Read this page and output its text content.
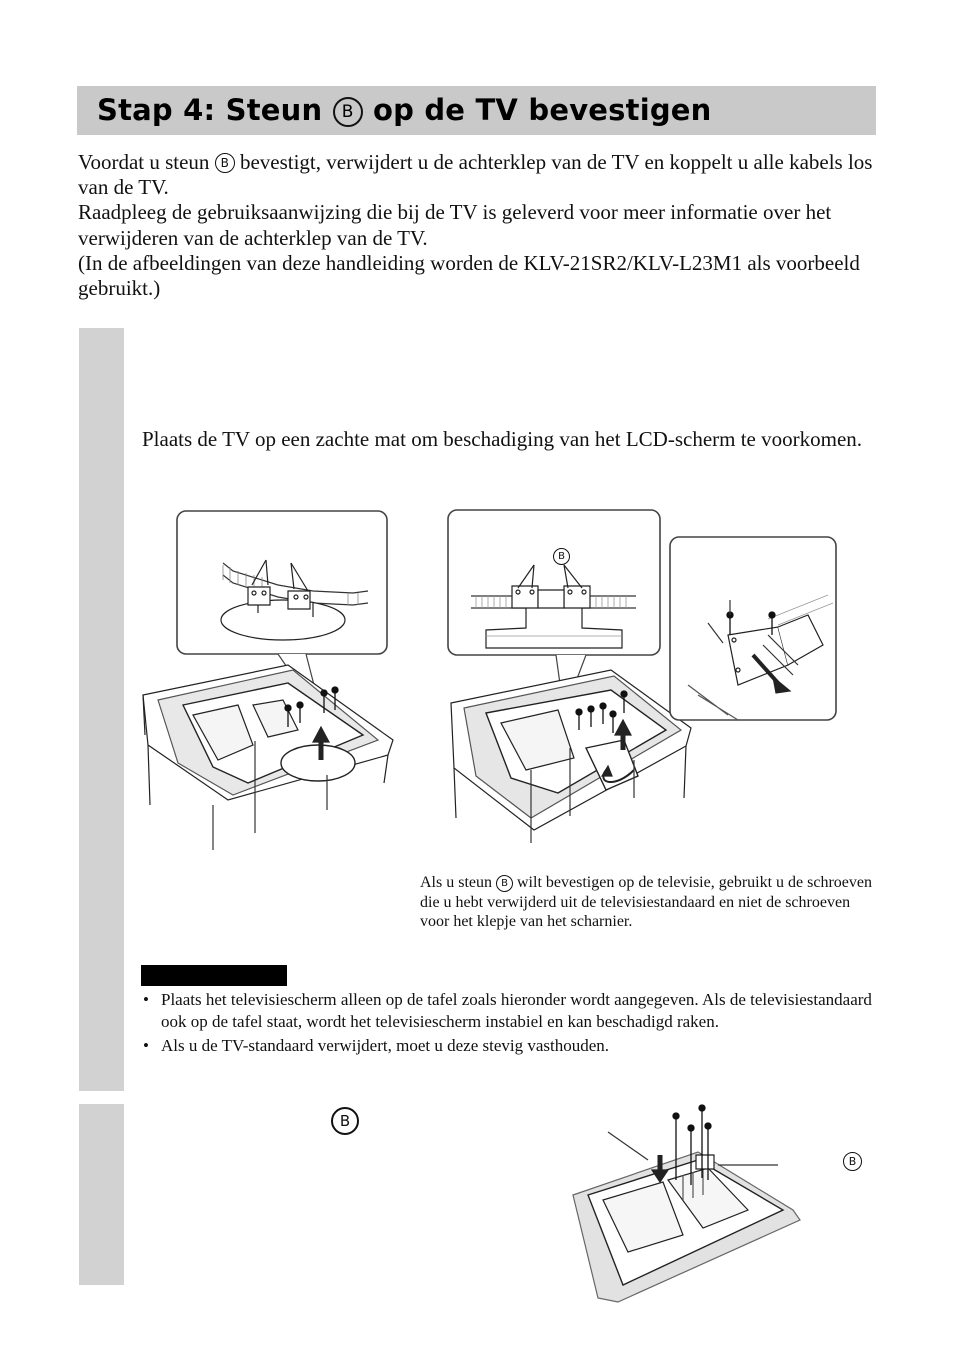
Stap 4: Steun B op de TV bevestigen

Voordat u steun B bevestigt, verwijdert u de achterklep van de TV en koppelt u alle kabels los van de TV.

Raadpleeg de gebruiksaanwijzing die bij de TV is geleverd voor meer informatie over het verwijderen van de achterklep van de TV.

(In de afbeeldingen van deze handleiding worden de KLV-21SR2/KLV-L23M1 als voorbeeld gebruikt.)

Plaats de TV op een zachte mat om beschadiging van het LCD-scherm te voorkomen.

B

Als u steun B wilt bevestigen op de televisie, gebruikt u de schroeven die u hebt verwijderd uit de televisiestandaard en niet de schroeven voor het klepje van het scharnier.

• Plaats het televisiescherm alleen op de tafel zoals hieronder wordt aangegeven. Als de televisiestandaard ook op de tafel staat, wordt het televisiescherm instabiel en kan beschadigd raken.
• Als u de TV-standaard verwijdert, moet u deze stevig vasthouden.
B
B
